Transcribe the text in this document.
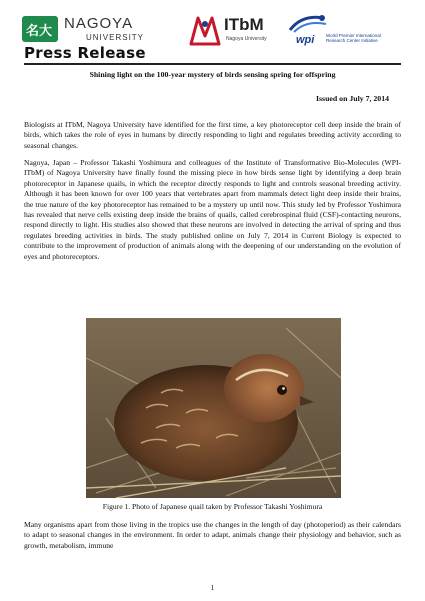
名大 NAGOYA
UNIVERSITY
ITbM
Nagoya University	wpi	World Premier International Research Center Initiative
Press Release
Shining light on the 100-year mystery of birds sensing spring for offspring
Issued on July 7, 2014

Biologists at ITbM, Nagoya University have identified for the first time, a key photoreceptor cell deep inside the brain of birds, which takes the role of eyes in humans by directly responding to light and regulates breeding activity according to seasonal changes.

Nagoya, Japan – Professor Takashi Yoshimura and colleagues of the Institute of Transformative Bio-Molecules (WPI-ITbM) of Nagoya University have finally found the missing piece in how birds sense light by identifying a deep brain photoreceptor in Japanese quails, in which the receptor directly responds to light and controls seasonal breeding activity. Although it has been known for over 100 years that vertebrates apart from mammals detect light deep inside their brains, the true nature of the key photoreceptor has remained to be a mystery up until now. This study led by Professor Yoshimura has revealed that nerve cells existing deep inside the brains of quails, called cerebrospinal fluid (CSF)-contacting neurons, respond directly to light. His studies also showed that these neurons are involved in detecting the arrival of spring and thus regulates breeding activities in birds. The study published online on July 7, 2014 in Current Biology is expected to contribute to the improvement of production of animals along with the deepening of our understanding on the evolution of eyes and photoreceptors.

Figure 1. Photo of Japanese quail taken by Professor Takashi Yoshimura

Many organisms apart from those living in the tropics use the changes in the length of day (photoperiod) as their calendars to adapt to seasonal changes in the environment. In order to adapt, animals change their physiology and behavior, such as growth, metabolism, immune

1
